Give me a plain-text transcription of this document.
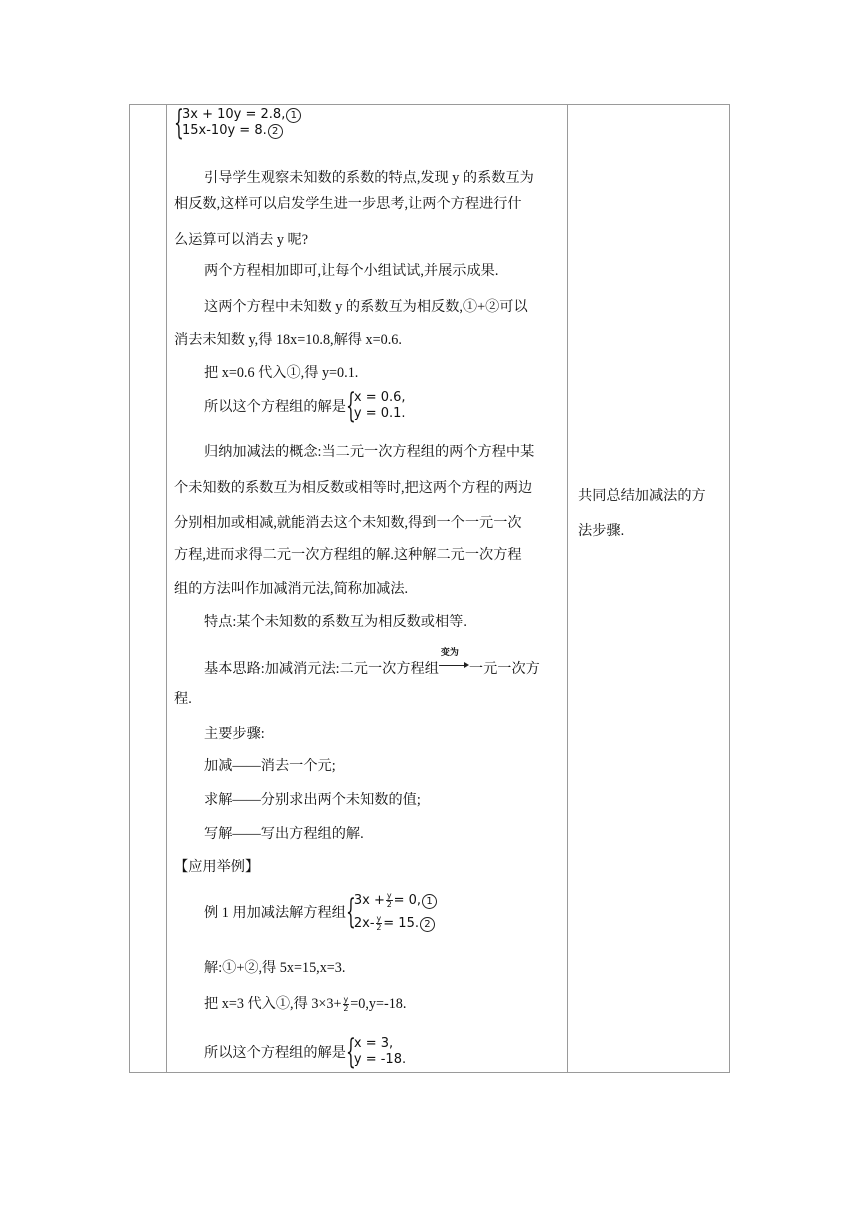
{
3x + 10y = 2.8, 1
15x-10y = 8. 2
引导学生观察未知数的系数的特点,发现 y 的系数互为
相反数,这样可以启发学生进一步思考,让两个方程进行什
么运算可以消去 y 呢?
两个方程相加即可,让每个小组试试,并展示成果.
这两个方程中未知数 y 的系数互为相反数,①+②可以
消去未知数 y,得 18x=10.8,解得 x=0.6.
把 x=0.6 代入①,得 y=0.1.
所以这个方程组的解是{
x = 0.6,
y = 0.1.
归纳加减法的概念:当二元一次方程组的两个方程中某
个未知数的系数互为相反数或相等时,把这两个方程的两边
分别相加或相减,就能消去这个未知数,得到一个一元一次
方程,进而求得二元一次方程组的解.这种解二元一次方程
组的方法叫作加减消元法,简称加减法.
特点:某个未知数的系数互为相反数或相等.
基本思路:加减消元法:二元一次方程组
变为
一元一次方
程.
主要步骤:
加减——消去一个元;
求解——分别求出两个未知数的值;
写解——写出方程组的解.
【应用举例】
例 1 用加减法解方程组{
$3x + \frac{y}{2} = 0$, 1
$2x- \frac{y}{2} = 15$. 2
解:①+②,得 5x=15,x=3.
把 x=3 代入①,得 $3\times 3+ \frac{y}{2} =0,y=-18$.
所以这个方程组的解是{
x = 3,
y = -18.
共同总结加减法的方
法步骤.
